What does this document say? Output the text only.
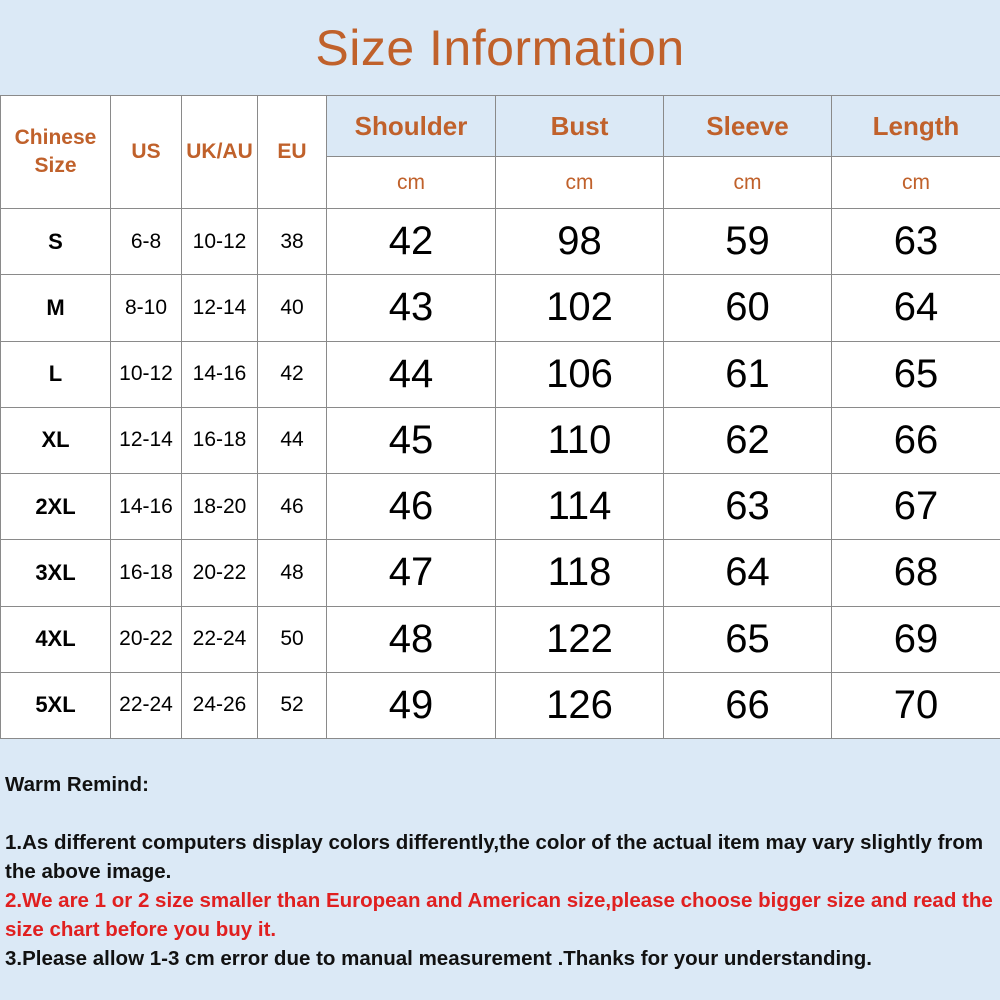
Size Information
Chinese Size	US	UK/AU	EU	Shoulder	Bust	Sleeve	Length
				cm	cm	cm	cm
S	6-8	10-12	38	42	98	59	63
M	8-10	12-14	40	43	102	60	64
L	10-12	14-16	42	44	106	61	65
XL	12-14	16-18	44	45	110	62	66
2XL	14-16	18-20	46	46	114	63	67
3XL	16-18	20-22	48	47	118	64	68
4XL	20-22	22-24	50	48	122	65	69
5XL	22-24	24-26	52	49	126	66	70

Warm Remind:

1.As different computers display colors differently,the color of the actual item may vary slightly from the above image.

2.We are 1 or 2 size smaller than European and American size,please choose bigger size and read the size chart before you buy it.

3.Please allow 1-3 cm error due to manual measurement .Thanks for your understanding.
